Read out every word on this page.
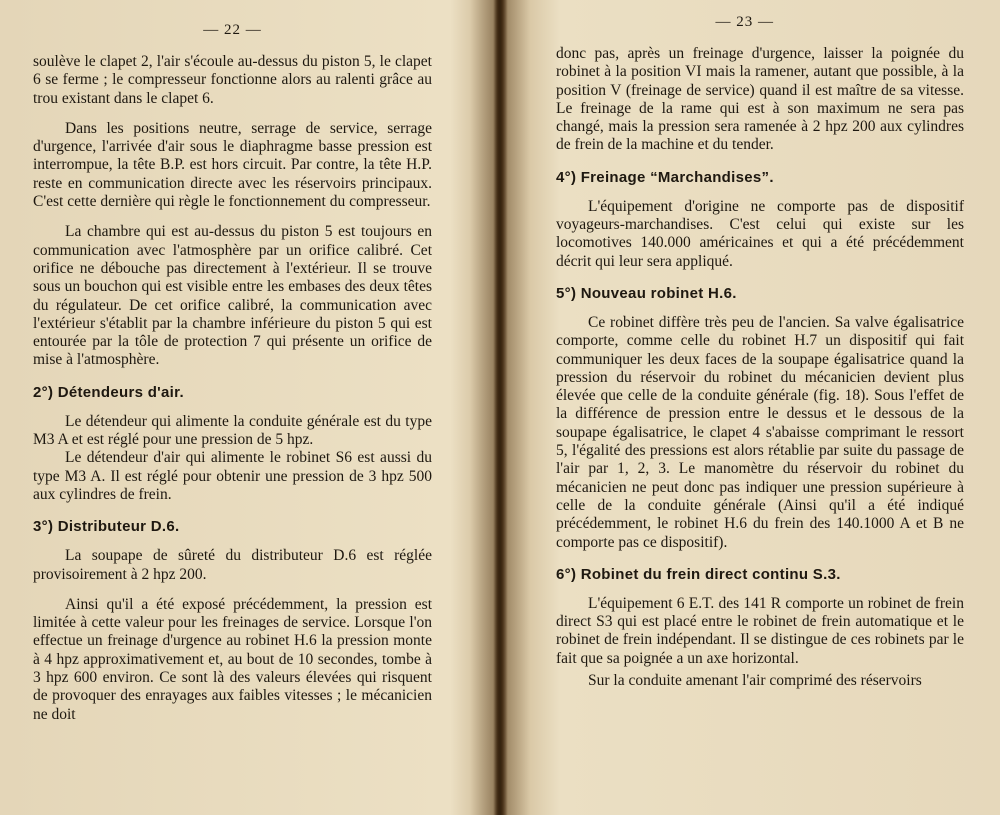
— 22 —

soulève le clapet 2, l'air s'écoule au-dessus du piston 5, le clapet 6 se ferme ; le compresseur fonctionne alors au ralenti grâce au trou existant dans le clapet 6.

Dans les positions neutre, serrage de service, serrage d'urgence, l'arrivée d'air sous le diaphragme basse pression est interrompue, la tête B.P. est hors circuit. Par contre, la tête H.P. reste en communication directe avec les réservoirs principaux. C'est cette dernière qui règle le fonctionnement du compresseur.

La chambre qui est au-dessus du piston 5 est toujours en communication avec l'atmosphère par un orifice calibré. Cet orifice ne débouche pas directement à l'extérieur. Il se trouve sous un bouchon qui est visible entre les embases des deux têtes du régulateur. De cet orifice calibré, la communication avec l'extérieur s'établit par la chambre inférieure du piston 5 qui est entourée par la tôle de protection 7 qui présente un orifice de mise à l'atmosphère.

2°) Détendeurs d'air.

Le détendeur qui alimente la conduite générale est du type M3 A et est réglé pour une pression de 5 hpz.

Le détendeur d'air qui alimente le robinet S6 est aussi du type M3 A. Il est réglé pour obtenir une pression de 3 hpz 500 aux cylindres de frein.

3°) Distributeur D.6.

La soupape de sûreté du distributeur D.6 est réglée provisoirement à 2 hpz 200.

Ainsi qu'il a été exposé précédemment, la pression est limitée à cette valeur pour les freinages de service. Lorsque l'on effectue un freinage d'urgence au robinet H.6 la pression monte à 4 hpz approximativement et, au bout de 10 secondes, tombe à 3 hpz 600 environ. Ce sont là des valeurs élevées qui risquent de provoquer des enrayages aux faibles vitesses ; le mécanicien ne doit

— 23 —

donc pas, après un freinage d'urgence, laisser la poignée du robinet à la position VI mais la ramener, autant que possible, à la position V (freinage de service) quand il est maître de sa vitesse. Le freinage de la rame qui est à son maximum ne sera pas changé, mais la pression sera ramenée à 2 hpz 200 aux cylindres de frein de la machine et du tender.

4°) Freinage “Marchandises”.

L'équipement d'origine ne comporte pas de dispositif voyageurs-marchandises. C'est celui qui existe sur les locomotives 140.000 américaines et qui a été précédemment décrit qui leur sera appliqué.

5°) Nouveau robinet H.6.

Ce robinet diffère très peu de l'ancien. Sa valve égalisatrice comporte, comme celle du robinet H.7 un dispositif qui fait communiquer les deux faces de la soupape égalisatrice quand la pression du réservoir du robinet du mécanicien devient plus élevée que celle de la conduite générale (fig. 18). Sous l'effet de la différence de pression entre le dessus et le dessous de la soupape égalisatrice, le clapet 4 s'abaisse comprimant le ressort 5, l'égalité des pressions est alors rétablie par suite du passage de l'air par 1, 2, 3. Le manomètre du réservoir du robinet du mécanicien ne peut donc pas indiquer une pression supérieure à celle de la conduite générale (Ainsi qu'il a été indiqué précédemment, le robinet H.6 du frein des 140.1000 A et B ne comporte pas ce dispositif).

6°) Robinet du frein direct continu S.3.

L'équipement 6 E.T. des 141 R comporte un robinet de frein direct S3 qui est placé entre le robinet de frein automatique et le robinet de frein indépendant. Il se distingue de ces robinets par le fait que sa poignée a un axe horizontal.

Sur la conduite amenant l'air comprimé des réservoirs
